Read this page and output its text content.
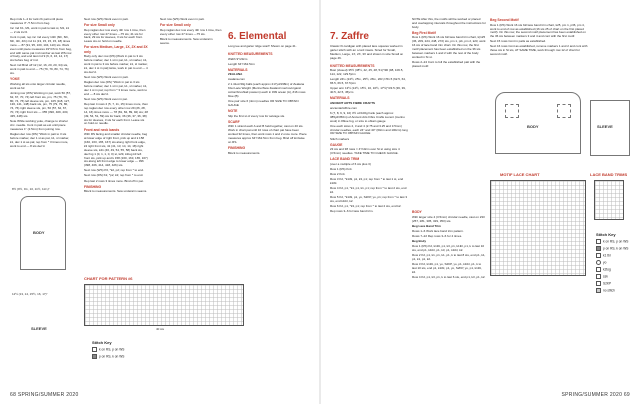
Rep rnds 1–4 for tuck rib patt until piece measures 3" /7.5cm from beg.

Inc rnd K1, M1, work in patt to last st, M1, k1 — 2 sts inc'd.

Cont in patt, rep inc rnd every 14th (6th, 6th, 6th, 4th, 4th) rnd 11 (13, 15, 15, 15, 18) times more — 87 (91, 95, 100, 104, 110) sts. Work even until piece measures 19"/47cm from beg, end with same pat rnd number as last WS row of body, and end last rnd 9 (6, 6, 16, 14, 17) sts before beg of rnd.

Next rnd Bind off 12 (12, 16, 20, 20, 34) sts, work in patt to end — 75 (79, 79, 80, 74, 76) sts.

YOKE

Working all sts onto larger circular needle, work as fol:

Joining row (WS) Working in pat, work 50 (57, 62, 67, 70, 74) left front sts, pm, 75 (79, 79, 80, 74, 76) left sleeve sts, pm, 105 (118, 127, 136, 141, 148) back sts, pm, 75 (79, 79, 80, 74, 76) right sleeve sts, pm, 50 (57, 62, 67, 70, 74) right front sts — 355 (390, 409, 430, 435, 448) sts.

Note While working yoke, change to shorter circ. needle. Cont in patt as est until piece measures 1" (2.5cm) from joining row.

Raglan dec row (RS) *Work in patt to 3 sts before marker, dec 1 st as pat, k1, sl marker, k1, dec 1 st as pat; rep from * 3 times more, work to end — 8 sts dec'd.

BODY
8½ (9½, 9¾, 10, 11½, 11¼)"
SLEEVE
12½ (13, 14, 15½, 16, 17)"

Next row (WS) Work even in patt.

For size Small only

Rep raglan dec row every 4th row 1 time, then every other row 27 times —75 sts; 41 sts for back, 29 sts for sleeves, 3 sts for each front. Leave sts on hold on needle.

For sizes Medium, Large, 1X, 2X and 3X only

Body only dec row (RS) [Work in pat to 3 sts before marker, dec 1 st in pat, k1, sl marker, k1, work in pat to 3 sts before marker, k1, sl marker, k1, dec 1 st in pat] twice, work in pat to end — 4 sts dec'd.

Next row (WS) Work even in patt.

Raglan dec row (RS) *Work in pat to 3 sts before marker, dec 1 st in pat, k1, sl marker, k1, dec 1 st in pat; rep from * 3 times more, work to end — 8 sts dec'd.

Next row (WS) Work even in pat.

Rep last 4 rows 2 (5, 7, 11, 15) times more, then rep raglan dec row every other row 29 (26, 28, 14, 16) times more — 78 (81, 84, 89, 92) sts; 48 (49, 54, 51, 59) sts for back, 36 (36, 37, 36, 38) sts for sleeves, 3 sts for each front. Leave sts on hold on needle.

Front and neck bands

With RS facing and smaller circular needle, beg at lower edge of right front, pick up and k 158 (160, 163, 165, 167) sts along right front edge, k3 right front sts, 41 (41, 13, 14, 14, 18) right sleeve sts, k41 (46, 49, 54, 55, 58) back sts, dec'ing 1 (0, 1, 1, 0, 0) st, k29, k2tog k3 left front sts, pick up and k 158 (160, 163, 165, 167) sts along left front edge to lower edge — 396 (398, 406, 414, 418, 426) sts.

Next row (WS) P2, *k2, p2; rep from * to end.

Next row (RS) K2, *p2, k2; rep from * to end.

Rep last 2 rows 3 times more. Bind off in pat.

FINISHING

Block to measurements. Sew underarm seams.

CHART FOR PATTERN #6
40 sts
Stitch Key
k on RS, p on WS
p on RS, k on WS

Next row (WS) Work even in patt.

For size Small only

Rep raglan dec row every 4th row 1 time, then every other row 27 times —75 sts.

Block to measurements. Sew underarm seams.

6. Elemental

Long tee and garter ridge scarf! Shown on page 41.

KNITTED MEASUREMENTS

Width 9"/23cm

Length 64"/162.5cm

MATERIALS

ZEALANA

zealana.com

2 1.41oz/40g balls (each approx 217yd/198m) of Zealana Kiwi Lace Weight (Merino/New Zealand merino/organic cotton/brushtail possum) each in #09 ocean (A), #16 moss blue (B)

One pair size 6 (4mm) needles OR SIZE TO OBTAIN GAUGE

NOTE

Slip the first st of every row for selvage sts.

SCARF

With 1 strand each A and B held together, cast on 40 sts. Work in chart pat until 10 rows of chart pat have been worked 32 times, then work rows 1 and 2 once more. Piece measures approx 64"/162.5cm from beg. Bind off knitwise on RS.

FINISHING

Block to measurements.

68 SPRING/SUMMER 2020
7. Zaffre

Classic fit cardigan with placed lace squares worked in garter stitch with an i-cord insets. Sized for Small, Medium, Large, 1X, 2X, 3X and shown in size Small on page 46.

KNITTED MEASUREMENTS

Bust (closed) 35½ (38½, 42, 45, 48, 51)"/90 (98, 106.5, 114, 122, 129.5)cm

Length 24¼ (24½, 25¼, 25½, 26¼, 26¼)"/61.5 (62.5, 64, 65.5, 66.5, 67.5)cm

Upper arm 13½ (14½, 15½, 16, 16½, 17½)"/33.5 (36, 39, 40.5, 42.5, 45)cm

MATERIALS

ANCIENT ARTS FIBRE CRAFTS

ancientartsfibre.com

6 (7, 8, 9, 9, 10) 3½ oz/100g hank (each approx 385yd/350m) of Ancient Arts Fibre Crafts Lucent (merino wool) in #blue fog, or size to obtain gauge

One each sizes 2, 3 and 4 (2.75 and 3.25 and 3.5mm) circular needles, each 24" and 40" (60cm and 100cm) long OR SIZE TO OBTAIN GAUGE

Stitch markers

GAUGE

23 sts and 38 rows = 4"/10cm over St st using size 4 (3.5mm) needles. TAKE TIME TO CHECK GAUGE.

LACE BAND TRIM

(over a multiple of 6 sts plus 3)

Row 1 (RS) Knit.

Row 2 Knit.

Row 3 K2, *k1tbl, p1, k3, p1; rep from * to last 1 st, end k1tbl.

Row 4 K2, p1, *k1, p1, k1, p1; rep from * to last 2 sts, end k2.

Row 5 K2, *k1tbl, p1, yo, S2KP, yo, p1; rep from * to last 3 sts, end k1tbl, k2.

Row 6 K2, p1, *k3, p1; rep from * to last 2 sts, end k2.

Rep rows 3–6 for lace band trim.

NOTE After this, the motifs will be worked or placed and overlapping intervals throughout the instructions for body.

Beg First Motif

Row 1 (RS) Work 16 sts foll lace band trim chart, k(125 (36, 209, 224, 248, 272) sts, pm 1, p/k, pm 2, k23, work 16 sts of lace band trim chart. On this row, the first motif placement has been established on the 36 sts between markers 1 and 2 with the rest of the body worked in St st.

Rows 2–24 Cont to foll the established patt with the placed motif.

BODY

With larger size 4 (3.5mm) circular needle, cast on 233 (257, 281, 305, 329, 353) sts.

Beg Lace Band Trim

Rows 1–6 Work lace band trim pattern.

Rows 7–22 Rep rows 3–6 for 4 times.

Beg Body

Row 1 (RS) K2, k1tbl, p1, k3, p1, k1tbl, p1, k to last 10 sts, end p1, k1tbl, p1, k3, p1, k1tbl, k2.

Row 2 K2, p1, k1, p1, k1, p1, k to last 8 sts, end p1, k1, p1, k1, p1, k2.

Row 3 K2, k1tbl, p1, yo, S2KP, yo, p1, k1tbl, p1, k to last 10 sts, end p1, k1tbl, p1, yo, S2KP, yo, p1, k1tbl, k2.

Row 4 K2, p1, k3, p1, k to last 6 sts, end p1, k3, p1, k2.

Beg Second Motif

Row 1 (RS) Work 16 sts foll lace band trim chart, k25, pm 1, p36, pm 4, work to end of row as established (16 sts 25 of chart on the first placed motif). On this row, the second motif placement has been established on the 36 sts between markers 3 and 4 and cont with the first motif.

Next 15 rows Cont in patts as established.

Next 16 rows Cont as established, remove markers 1 and 2 and cont with those sts in St sts, AT SAME TIME, work through row 12 of chart for second motif.

BODY	SLEEVE
MOTIF LACE CHART	LACE BAND TRIMS
Stitch Key
k on RS, p on WS
p on RS, k on WS
k1 tbl
yo
k2tog
ssk
S2KP
no stitch
SPRING/SUMMER 2020 69
